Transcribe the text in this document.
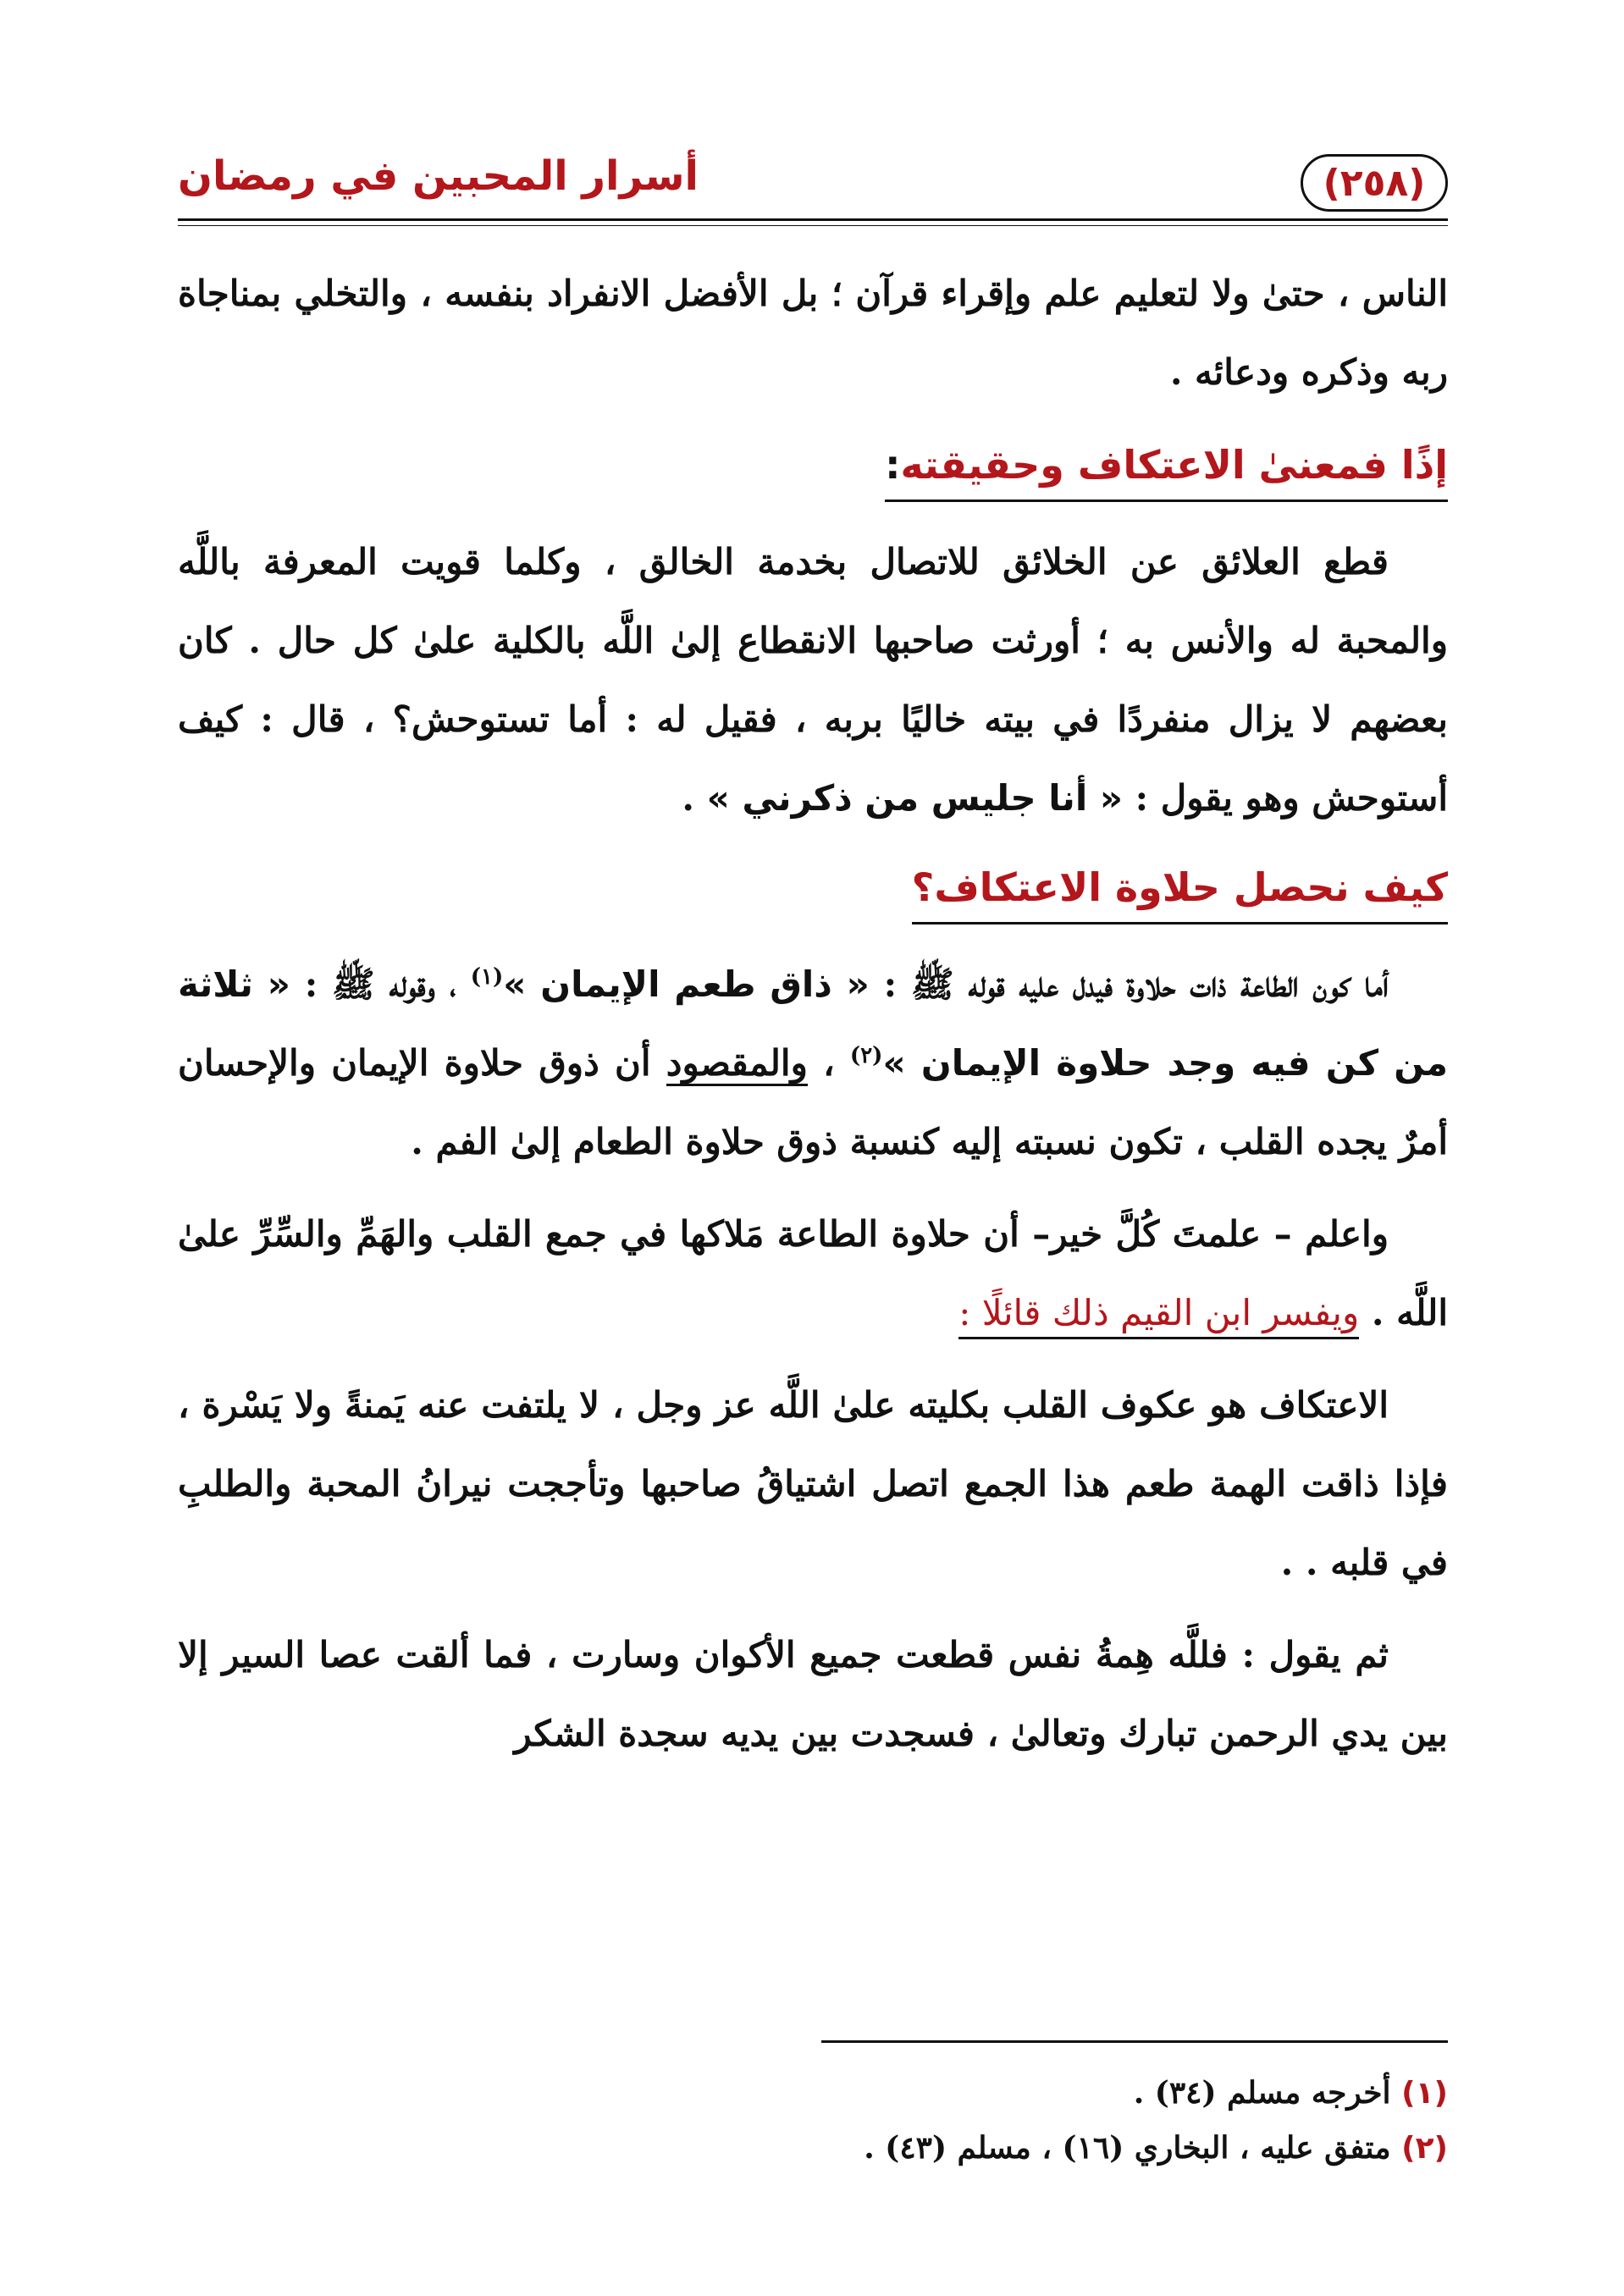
(٢٥٨)
أسرار المحبين في رمضان

الناس ، حتىٰ ولا لتعليم علم وإقراء قرآن ؛ بل الأفضل الانفراد بنفسه ، والتخلي بمناجاة ربه وذكره ودعائه .

إذًا فمعنىٰ الاعتكاف وحقيقته:

قطع العلائق عن الخلائق للاتصال بخدمة الخالق ، وكلما قويت المعرفة باللَّه والمحبة له والأنس به ؛ أورثت صاحبها الانقطاع إلىٰ اللَّه بالكلية علىٰ كل حال . كان بعضهم لا يزال منفردًا في بيته خاليًا بربه ، فقيل له : أما تستوحش؟ ، قال : كيف أستوحش وهو يقول : « أنا جليس من ذكرني » .

كيف نحصل حلاوة الاعتكاف؟

أما كون الطاعة ذات حلاوة فيدل عليه قوله ﷺ : « ذاق طعم الإيمان »$^{(١)}$ ، وقوله ﷺ : « ثلاثة من كن فيه وجد حلاوة الإيمان »$^{(٢)}$ ، والمقصود أن ذوق حلاوة الإيمان والإحسان أمرٌ يجده القلب ، تكون نسبته إليه كنسبة ذوق حلاوة الطعام إلىٰ الفم .

واعلم – علمتَ كُلَّ خير– أن حلاوة الطاعة مَلاكها في جمع القلب والهَمِّ والسِّرِّ علىٰ اللَّه . ويفسر ابن القيم ذلك قائلًا :

الاعتكاف هو عكوف القلب بكليته علىٰ اللَّه عز وجل ، لا يلتفت عنه يَمنةً ولا يَسْرة ، فإذا ذاقت الهمة طعم هذا الجمع اتصل اشتياقُ صاحبها وتأججت نيرانُ المحبة والطلبِ في قلبه . .

ثم يقول : فللَّه هِمةُ نفس قطعت جميع الأكوان وسارت ، فما ألقت عصا السير إلا بين يدي الرحمن تبارك وتعالىٰ ، فسجدت بين يديه سجدة الشكر

(١) أخرجه مسلم (٣٤) .
(٢) متفق عليه ، البخاري (١٦) ، مسلم (٤٣) .
